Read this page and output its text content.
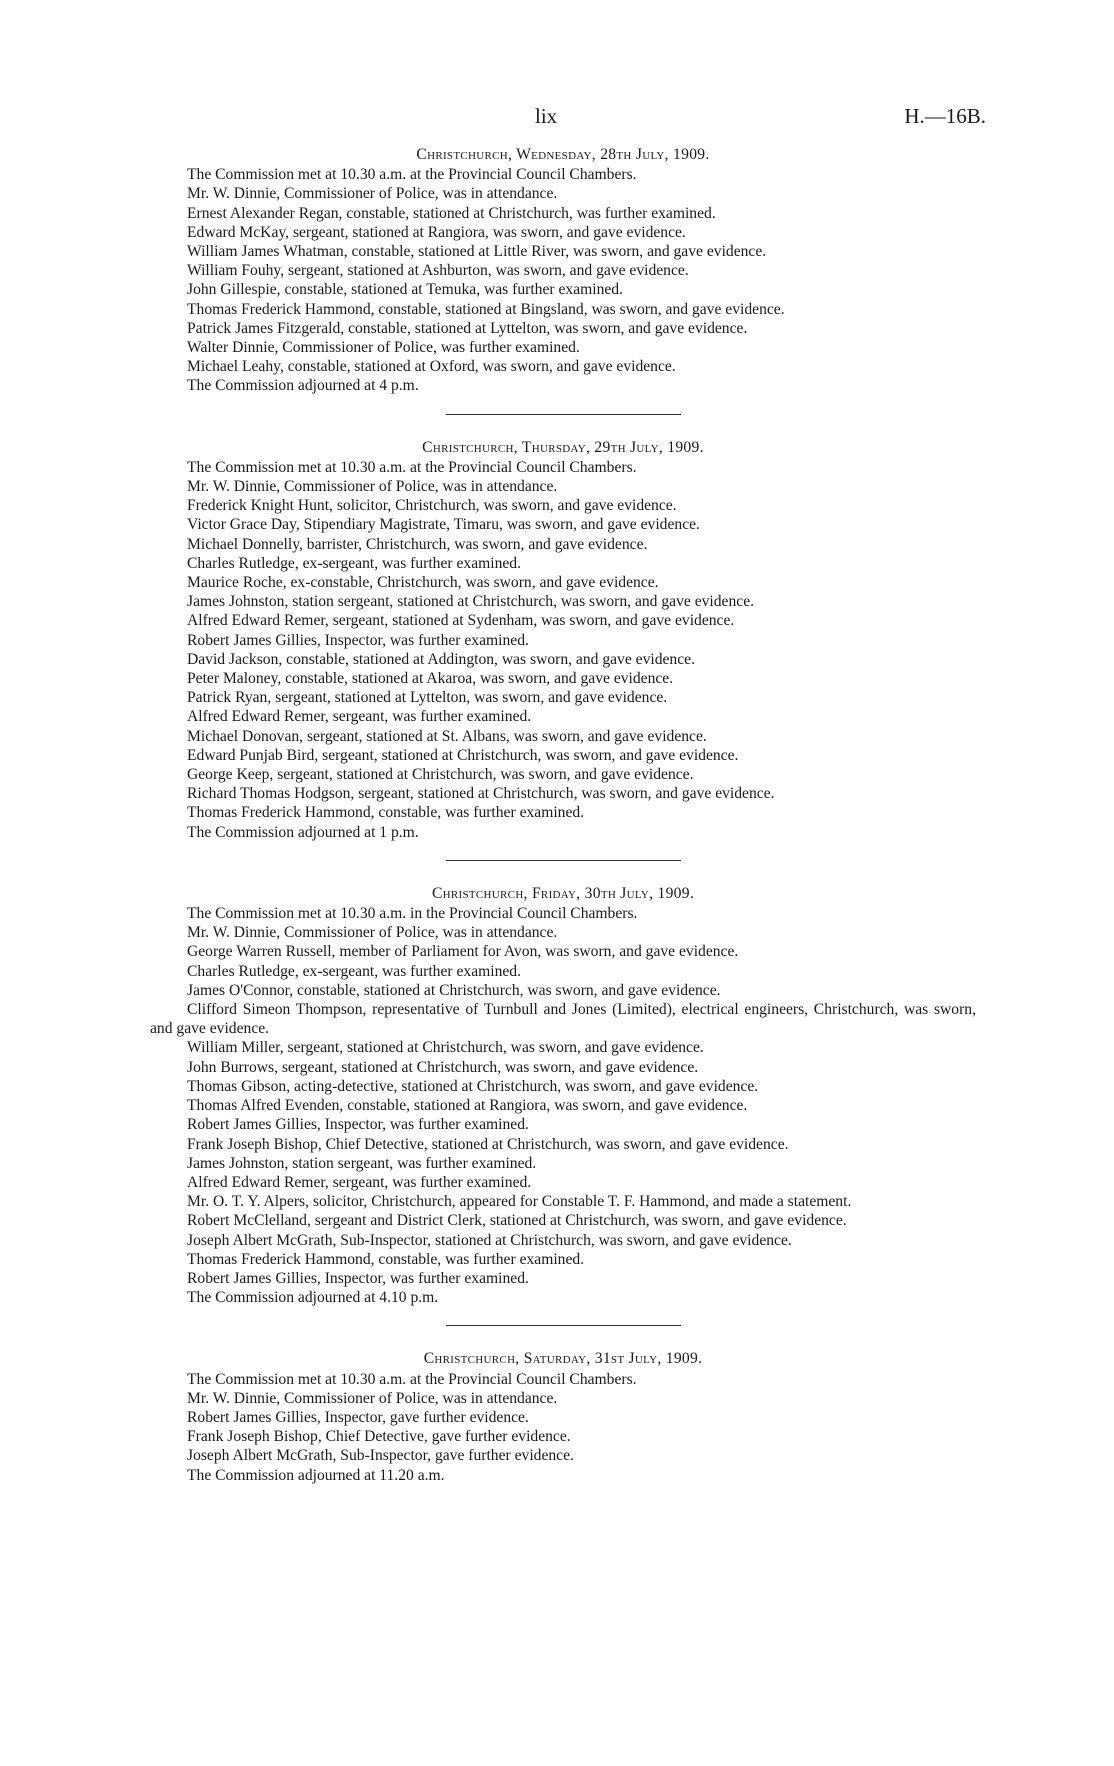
lix	H.—16B.
Christchurch, Wednesday, 28th July, 1909.
The Commission met at 10.30 a.m. at the Provincial Council Chambers.
Mr. W. Dinnie, Commissioner of Police, was in attendance.
Ernest Alexander Regan, constable, stationed at Christchurch, was further examined.
Edward McKay, sergeant, stationed at Rangiora, was sworn, and gave evidence.
William James Whatman, constable, stationed at Little River, was sworn, and gave evidence.
William Fouhy, sergeant, stationed at Ashburton, was sworn, and gave evidence.
John Gillespie, constable, stationed at Temuka, was further examined.
Thomas Frederick Hammond, constable, stationed at Bingsland, was sworn, and gave evidence.
Patrick James Fitzgerald, constable, stationed at Lyttelton, was sworn, and gave evidence.
Walter Dinnie, Commissioner of Police, was further examined.
Michael Leahy, constable, stationed at Oxford, was sworn, and gave evidence.
The Commission adjourned at 4 p.m.
Christchurch, Thursday, 29th July, 1909.
The Commission met at 10.30 a.m. at the Provincial Council Chambers.
Mr. W. Dinnie, Commissioner of Police, was in attendance.
Frederick Knight Hunt, solicitor, Christchurch, was sworn, and gave evidence.
Victor Grace Day, Stipendiary Magistrate, Timaru, was sworn, and gave evidence.
Michael Donnelly, barrister, Christchurch, was sworn, and gave evidence.
Charles Rutledge, ex-sergeant, was further examined.
Maurice Roche, ex-constable, Christchurch, was sworn, and gave evidence.
James Johnston, station sergeant, stationed at Christchurch, was sworn, and gave evidence.
Alfred Edward Remer, sergeant, stationed at Sydenham, was sworn, and gave evidence.
Robert James Gillies, Inspector, was further examined.
David Jackson, constable, stationed at Addington, was sworn, and gave evidence.
Peter Maloney, constable, stationed at Akaroa, was sworn, and gave evidence.
Patrick Ryan, sergeant, stationed at Lyttelton, was sworn, and gave evidence.
Alfred Edward Remer, sergeant, was further examined.
Michael Donovan, sergeant, stationed at St. Albans, was sworn, and gave evidence.
Edward Punjab Bird, sergeant, stationed at Christchurch, was sworn, and gave evidence.
George Keep, sergeant, stationed at Christchurch, was sworn, and gave evidence.
Richard Thomas Hodgson, sergeant, stationed at Christchurch, was sworn, and gave evidence.
Thomas Frederick Hammond, constable, was further examined.
The Commission adjourned at 1 p.m.
Christchurch, Friday, 30th July, 1909.
The Commission met at 10.30 a.m. in the Provincial Council Chambers.
Mr. W. Dinnie, Commissioner of Police, was in attendance.
George Warren Russell, member of Parliament for Avon, was sworn, and gave evidence.
Charles Rutledge, ex-sergeant, was further examined.
James O'Connor, constable, stationed at Christchurch, was sworn, and gave evidence.
Clifford Simeon Thompson, representative of Turnbull and Jones (Limited), electrical engineers, Christchurch, was sworn, and gave evidence.
William Miller, sergeant, stationed at Christchurch, was sworn, and gave evidence.
John Burrows, sergeant, stationed at Christchurch, was sworn, and gave evidence.
Thomas Gibson, acting-detective, stationed at Christchurch, was sworn, and gave evidence.
Thomas Alfred Evenden, constable, stationed at Rangiora, was sworn, and gave evidence.
Robert James Gillies, Inspector, was further examined.
Frank Joseph Bishop, Chief Detective, stationed at Christchurch, was sworn, and gave evidence.
James Johnston, station sergeant, was further examined.
Alfred Edward Remer, sergeant, was further examined.
Mr. O. T. Y. Alpers, solicitor, Christchurch, appeared for Constable T. F. Hammond, and made a statement.
Robert McClelland, sergeant and District Clerk, stationed at Christchurch, was sworn, and gave evidence.
Joseph Albert McGrath, Sub-Inspector, stationed at Christchurch, was sworn, and gave evidence.
Thomas Frederick Hammond, constable, was further examined.
Robert James Gillies, Inspector, was further examined.
The Commission adjourned at 4.10 p.m.
Christchurch, Saturday, 31st July, 1909.
The Commission met at 10.30 a.m. at the Provincial Council Chambers.
Mr. W. Dinnie, Commissioner of Police, was in attendance.
Robert James Gillies, Inspector, gave further evidence.
Frank Joseph Bishop, Chief Detective, gave further evidence.
Joseph Albert McGrath, Sub-Inspector, gave further evidence.
The Commission adjourned at 11.20 a.m.
